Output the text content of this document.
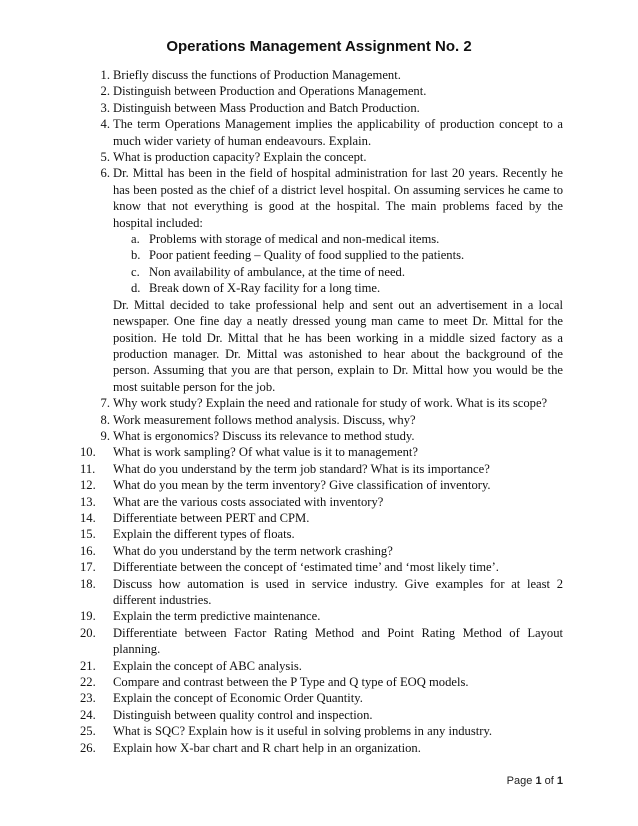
Operations Management Assignment No. 2
1. Briefly discuss the functions of Production Management.
2. Distinguish between Production and Operations Management.
3. Distinguish between Mass Production and Batch Production.
4. The term Operations Management implies the applicability of production concept to a much wider variety of human endeavours. Explain.
5. What is production capacity? Explain the concept.
6. Dr. Mittal has been in the field of hospital administration for last 20 years. Recently he has been posted as the chief of a district level hospital. On assuming services he came to know that not everything is good at the hospital. The main problems faced by the hospital included:
a. Problems with storage of medical and non-medical items.
b. Poor patient feeding – Quality of food supplied to the patients.
c. Non availability of ambulance, at the time of need.
d. Break down of X-Ray facility for a long time.
Dr. Mittal decided to take professional help and sent out an advertisement in a local newspaper. One fine day a neatly dressed young man came to meet Dr. Mittal for the position. He told Dr. Mittal that he has been working in a middle sized factory as a production manager. Dr. Mittal was astonished to hear about the background of the person. Assuming that you are that person, explain to Dr. Mittal how you would be the most suitable person for the job.
7. Why work study? Explain the need and rationale for study of work. What is its scope?
8. Work measurement follows method analysis. Discuss, why?
9. What is ergonomics? Discuss its relevance to method study.
10.	What is work sampling? Of what value is it to management?
11.	What do you understand by the term job standard? What is its importance?
12.	What do you mean by the term inventory? Give classification of inventory.
13.	What are the various costs associated with inventory?
14.	Differentiate between PERT and CPM.
15.	Explain the different types of floats.
16.	What do you understand by the term network crashing?
17.	Differentiate between the concept of ‘estimated time’ and ‘most likely time’.
18.	Discuss how automation is used in service industry. Give examples for at least 2 different industries.
19.	Explain the term predictive maintenance.
20.	Differentiate between Factor Rating Method and Point Rating Method of Layout planning.
21.	Explain the concept of ABC analysis.
22.	Compare and contrast between the P Type and Q type of EOQ models.
23.	Explain the concept of Economic Order Quantity.
24.	Distinguish between quality control and inspection.
25.	What is SQC? Explain how is it useful in solving problems in any industry.
26.	Explain how X-bar chart and R chart help in an organization.
Page 1 of 1
